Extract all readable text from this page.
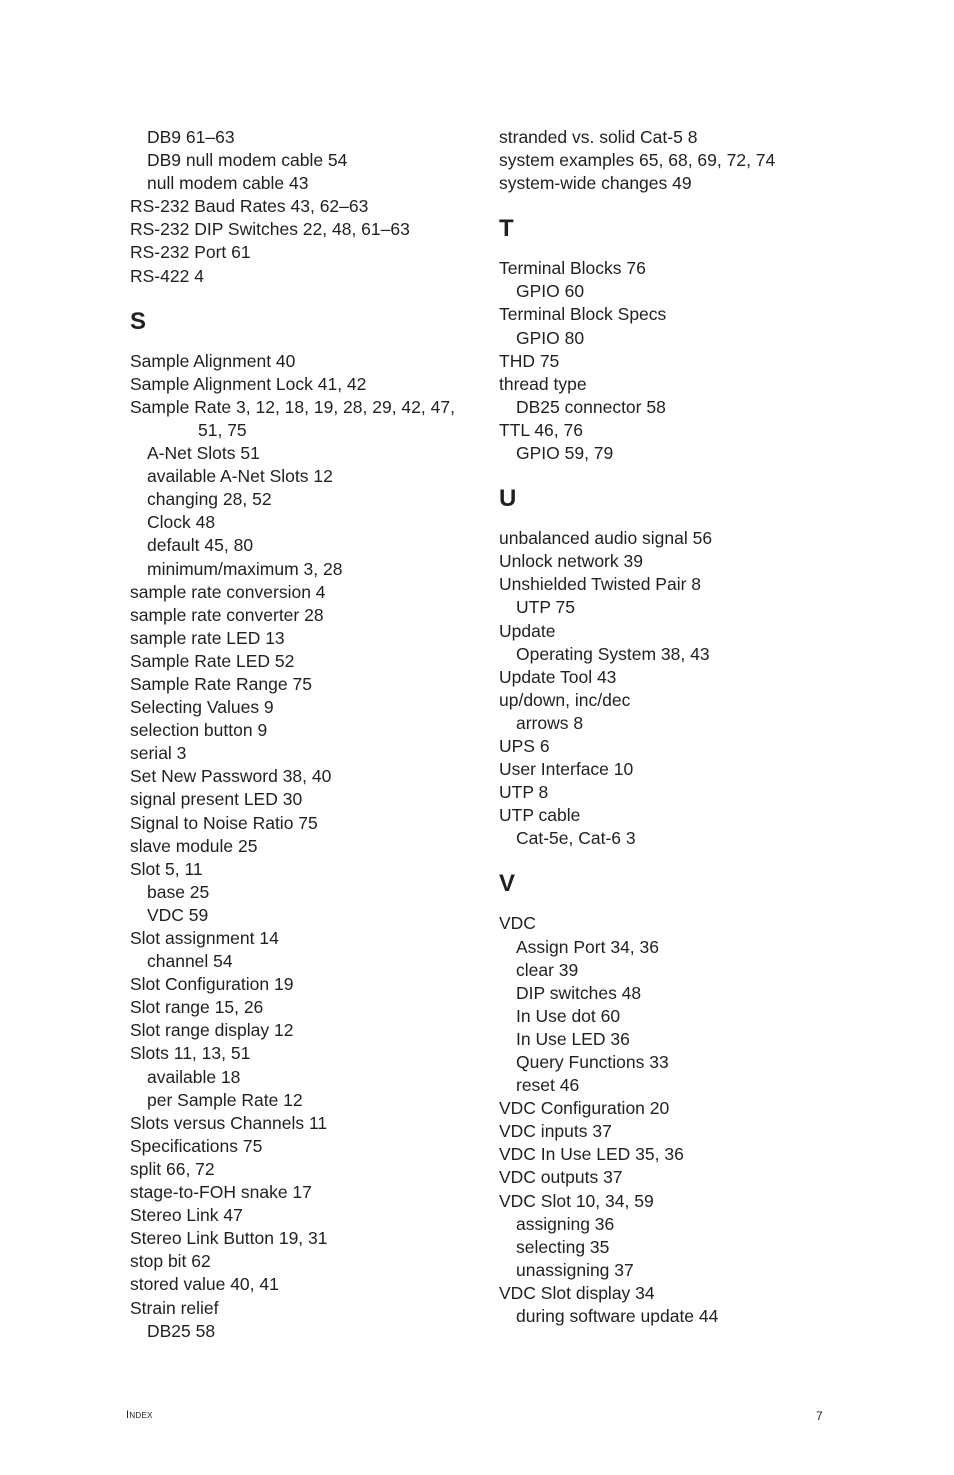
DB9 61–63
DB9 null modem cable 54
null modem cable 43
RS-232 Baud Rates 43, 62–63
RS-232 DIP Switches 22, 48, 61–63
RS-232 Port 61
RS-422 4
S
Sample Alignment 40
Sample Alignment Lock 41, 42
Sample Rate 3, 12, 18, 19, 28, 29, 42, 47,
51, 75
A-Net Slots 51
available A-Net Slots 12
changing 28, 52
Clock 48
default 45, 80
minimum/maximum 3, 28
sample rate conversion 4
sample rate converter 28
sample rate LED 13
Sample Rate LED 52
Sample Rate Range 75
Selecting Values 9
selection button 9
serial 3
Set New Password 38, 40
signal present LED 30
Signal to Noise Ratio 75
slave module 25
Slot 5, 11
base 25
VDC 59
Slot assignment 14
channel 54
Slot Configuration 19
Slot range 15, 26
Slot range display 12
Slots 11, 13, 51
available 18
per Sample Rate 12
Slots versus Channels 11
Specifications 75
split 66, 72
stage-to-FOH snake 17
Stereo Link 47
Stereo Link Button 19, 31
stop bit 62
stored value 40, 41
Strain relief
DB25 58
stranded vs. solid Cat-5 8
system examples 65, 68, 69, 72, 74
system-wide changes 49
T
Terminal Blocks 76
GPIO 60
Terminal Block Specs
GPIO 80
THD 75
thread type
DB25 connector 58
TTL 46, 76
GPIO 59, 79
U
unbalanced audio signal 56
Unlock network 39
Unshielded Twisted Pair 8
UTP 75
Update
Operating System 38, 43
Update Tool 43
up/down, inc/dec
arrows 8
UPS 6
User Interface 10
UTP 8
UTP cable
Cat-5e, Cat-6 3
V
VDC
Assign Port 34, 36
clear 39
DIP switches 48
In Use dot 60
In Use LED 36
Query Functions 33
reset 46
VDC Configuration 20
VDC inputs 37
VDC In Use LED 35, 36
VDC outputs 37
VDC Slot 10, 34, 59
assigning 36
selecting 35
unassigning 37
VDC Slot display 34
during software update 44
Index	7
